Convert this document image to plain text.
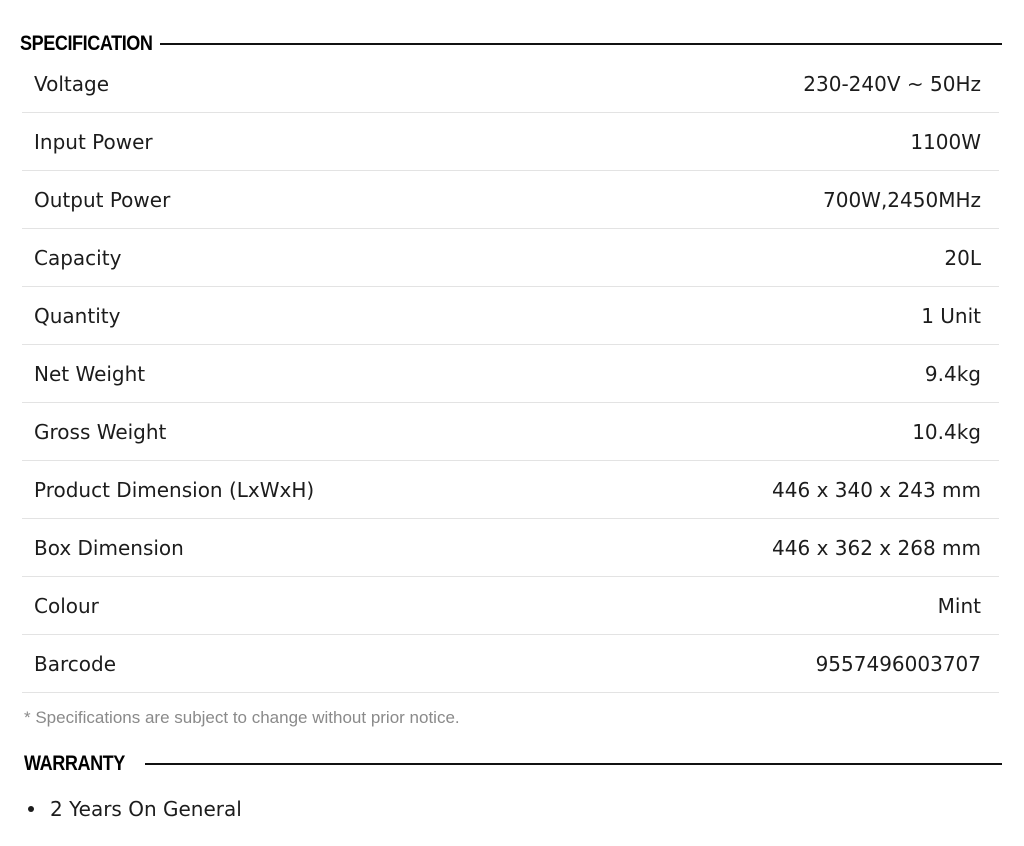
SPECIFICATION
Voltage	230-240V ~ 50Hz
Input Power	1100W
Output Power	700W,2450MHz
Capacity	20L
Quantity	1 Unit
Net Weight	9.4kg
Gross Weight	10.4kg
Product Dimension (LxWxH)	446 x 340 x 243 mm
Box Dimension	446 x 362 x 268 mm
Colour	Mint
Barcode	9557496003707
* Specifications are subject to change without prior notice.
WARRANTY
2 Years On General
